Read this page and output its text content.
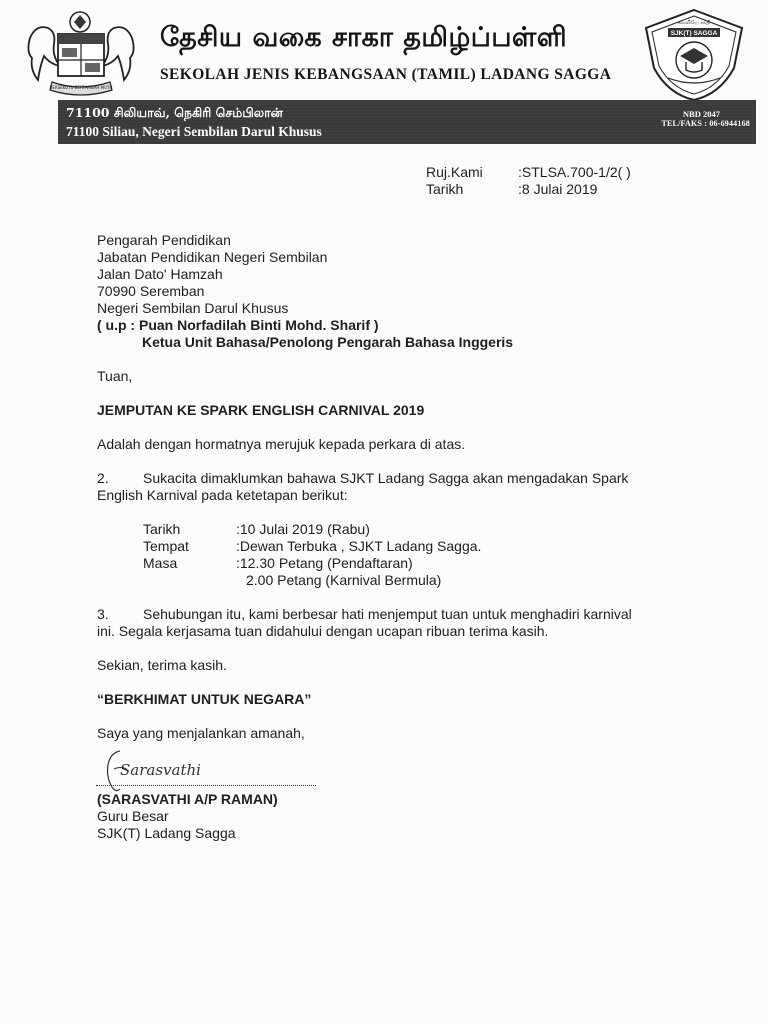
BERSEKUTU BERTAMBAH MUTU
தேசிய வகை சாகா தமிழ்ப்பள்ளி
SEKOLAH JENIS KEBANGSAAN (TAMIL) LADANG SAGGA
கல்வியே சக்தி
SJK(T) SAGGA
71100 சிலியாவ், நெகிரி செம்பிலான்
71100 Siliau, Negeri Sembilan Darul Khusus
NBD 2047
TEL/FAKS : 06-6944168
Ruj.Kami	:STLSA.700-1/2( )
Tarikh	:8 Julai 2019
Pengarah Pendidikan
Jabatan Pendidikan Negeri Sembilan
Jalan Dato' Hamzah
70990 Seremban
Negeri Sembilan Darul Khusus
( u.p : Puan Norfadilah Binti Mohd. Sharif )
Ketua Unit Bahasa/Penolong Pengarah Bahasa Inggeris
Tuan,
JEMPUTAN KE SPARK ENGLISH CARNIVAL 2019
Adalah dengan hormatnya merujuk kepada perkara di atas.
2. Sukacita dimaklumkan bahawa SJKT Ladang Sagga akan mengadakan Spark
English Karnival pada ketetapan berikut:
Tarikh	:10 Julai 2019 (Rabu)
Tempat	:Dewan Terbuka , SJKT Ladang Sagga.
Masa	:12.30 Petang (Pendaftaran)
2.00 Petang (Karnival Bermula)
3. Sehubungan itu, kami berbesar hati menjemput tuan untuk menghadiri karnival
ini. Segala kerjasama tuan didahului dengan ucapan ribuan terima kasih.
Sekian, terima kasih.
“BERKHIMAT UNTUK NEGARA”
Saya yang menjalankan amanah,
Sarasvathi
(SARASVATHI A/P RAMAN)
Guru Besar
SJK(T) Ladang Sagga
